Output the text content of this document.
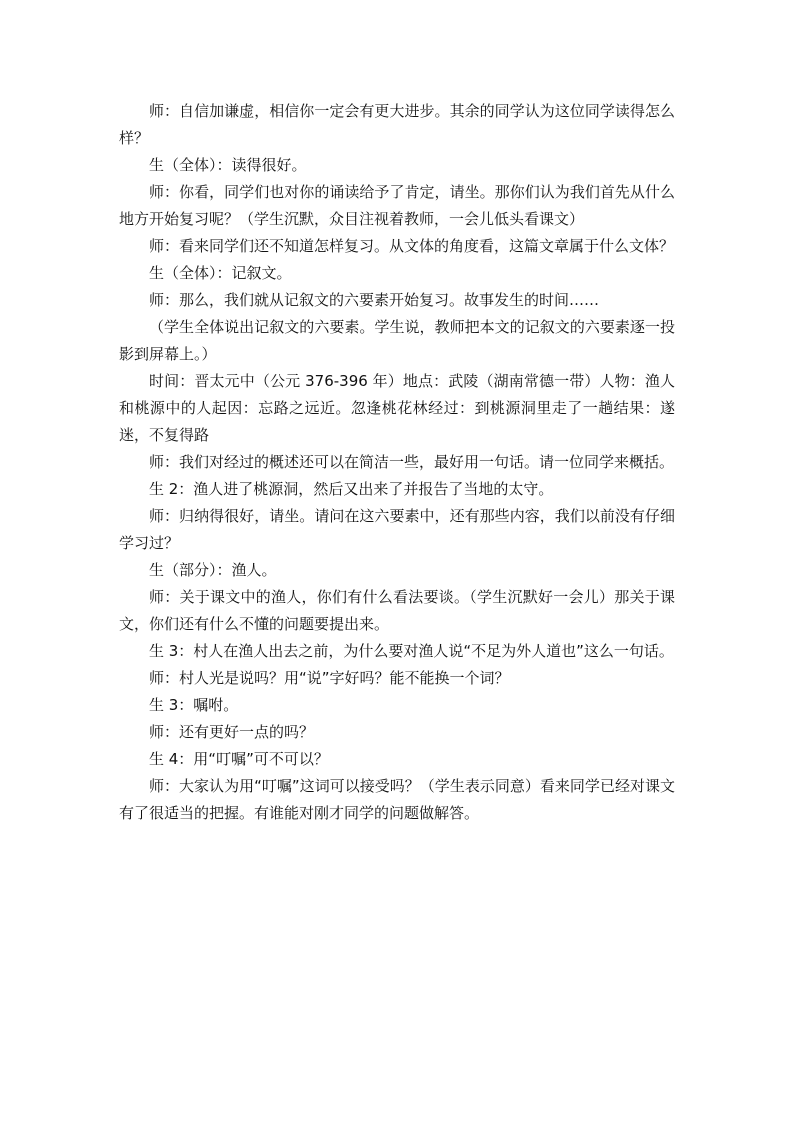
师：自信加谦虚，相信你一定会有更大进步。其余的同学认为这位同学读得怎么样？

生（全体）：读得很好。

师：你看，同学们也对你的诵读给予了肯定，请坐。那你们认为我们首先从什么地方开始复习呢？（学生沉默，众目注视着教师，一会儿低头看课文）

师：看来同学们还不知道怎样复习。从文体的角度看，这篇文章属于什么文体？

生（全体）：记叙文。

师：那么，我们就从记叙文的六要素开始复习。故事发生的时间……

（学生全体说出记叙文的六要素。学生说，教师把本文的记叙文的六要素逐一投影到屏幕上。）

时间：晋太元中（公元 376-396 年）地点：武陵（湖南常德一带）人物：渔人和桃源中的人起因：忘路之远近。忽逢桃花林经过：到桃源洞里走了一趟结果：遂迷，不复得路

师：我们对经过的概述还可以在简洁一些，最好用一句话。请一位同学来概括。

生 2：渔人进了桃源洞，然后又出来了并报告了当地的太守。

师：归纳得很好，请坐。请问在这六要素中，还有那些内容，我们以前没有仔细学习过？

生（部分）：渔人。

师：关于课文中的渔人，你们有什么看法要谈。（学生沉默好一会儿）那关于课文，你们还有什么不懂的问题要提出来。

生 3：村人在渔人出去之前，为什么要对渔人说“不足为外人道也”这么一句话。

师：村人光是说吗？用“说”字好吗？能不能换一个词？

生 3：嘱咐。

师：还有更好一点的吗？

生 4：用“叮嘱”可不可以？

师：大家认为用“叮嘱”这词可以接受吗？（学生表示同意）看来同学已经对课文有了很适当的把握。有谁能对刚才同学的问题做解答。
